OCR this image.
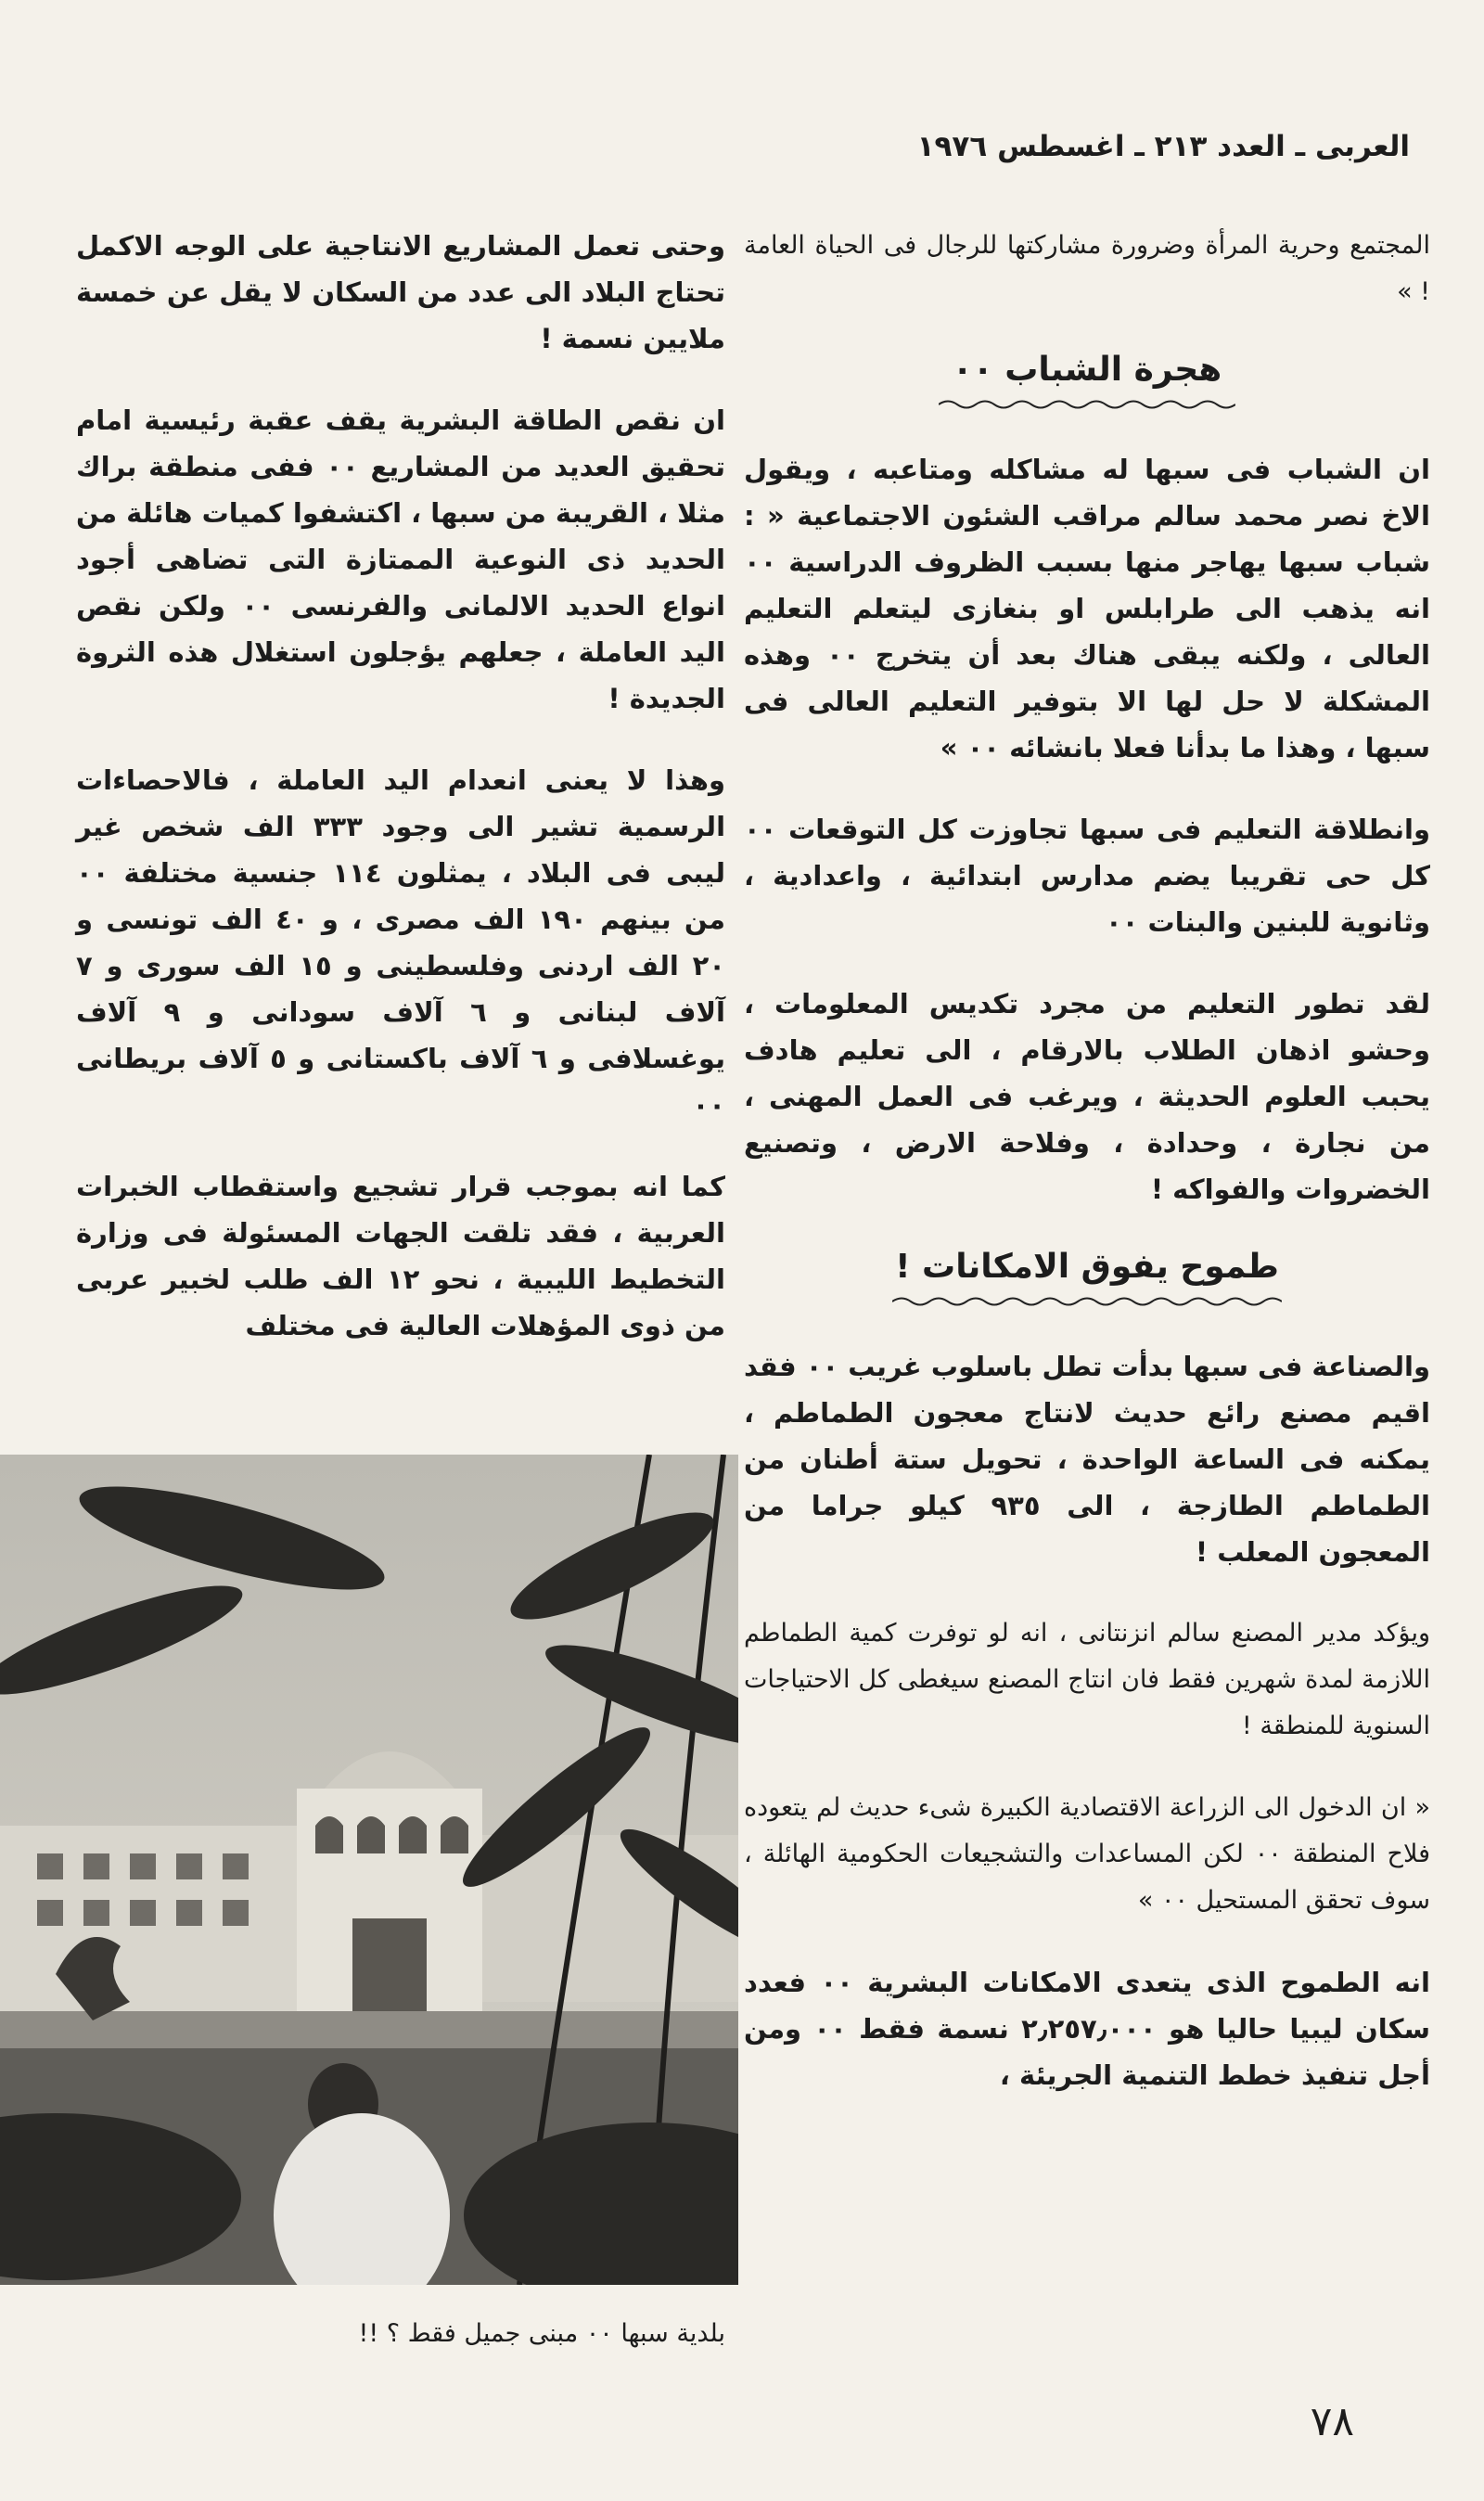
العربى ـ العدد ٢١٣ ـ اغسطس ١٩٧٦

المجتمع وحرية المرأة وضرورة مشاركتها للرجال فى الحياة العامة ! »

هجرة الشباب ٠٠

ان الشباب فى سبها له مشاكله ومتاعبه ، ويقول الاخ نصر محمد سالم مراقب الشئون الاجتماعية « : شباب سبها يهاجر منها بسبب الظروف الدراسية ٠٠ انه يذهب الى طرابلس او بنغازى ليتعلم التعليم العالى ، ولكنه يبقى هناك بعد أن يتخرج ٠٠ وهذه المشكلة لا حل لها الا بتوفير التعليم العالى فى سبها ، وهذا ما بدأنا فعلا بانشائه ٠٠ »

وانطلاقة التعليم فى سبها تجاوزت كل التوقعات ٠٠ كل حى تقريبا يضم مدارس ابتدائية ، واعدادية ، وثانوية للبنين والبنات ٠٠

لقد تطور التعليم من مجرد تكديس المعلومات ، وحشو اذهان الطلاب بالارقام ، الى تعليم هادف يحبب العلوم الحديثة ، ويرغب فى العمل المهنى ، من نجارة ، وحدادة ، وفلاحة الارض ، وتصنيع الخضروات والفواكه !

طموح يفوق الامكانات !

والصناعة فى سبها بدأت تطل باسلوب غريب ٠٠ فقد اقيم مصنع رائع حديث لانتاج معجون الطماطم ، يمكنه فى الساعة الواحدة ، تحويل ستة أطنان من الطماطم الطازجة ، الى ٩٣٥ كيلو جراما من المعجون المعلب !

ويؤكد مدير المصنع سالم انزنتانى ، انه لو توفرت كمية الطماطم اللازمة لمدة شهرين فقط فان انتاج المصنع سيغطى كل الاحتياجات السنوية للمنطقة !

« ان الدخول الى الزراعة الاقتصادية الكبيرة شىء حديث لم يتعوده فلاح المنطقة ٠٠ لكن المساعدات والتشجيعات الحكومية الهائلة ، سوف تحقق المستحيل ٠٠ »

انه الطموح الذى يتعدى الامكانات البشرية ٠٠ فعدد سكان ليبيا حاليا هو ٢٫٢٥٧٫٠٠٠ نسمة فقط ٠٠ ومن أجل تنفيذ خطط التنمية الجريئة ،

وحتى تعمل المشاريع الانتاجية على الوجه الاكمل تحتاج البلاد الى عدد من السكان لا يقل عن خمسة ملايين نسمة !

ان نقص الطاقة البشرية يقف عقبة رئيسية امام تحقيق العديد من المشاريع ٠٠ ففى منطقة براك مثلا ، القريبة من سبها ، اكتشفوا كميات هائلة من الحديد ذى النوعية الممتازة التى تضاهى أجود انواع الحديد الالمانى والفرنسى ٠٠ ولكن نقص اليد العاملة ، جعلهم يؤجلون استغلال هذه الثروة الجديدة !

وهذا لا يعنى انعدام اليد العاملة ، فالاحصاءات الرسمية تشير الى وجود ٣٣٣ الف شخص غير ليبى فى البلاد ، يمثلون ١١٤ جنسية مختلفة ٠٠ من بينهم ١٩٠ الف مصرى ، و ٤٠ الف تونسى و ٢٠ الف اردنى وفلسطينى و ١٥ الف سورى و ٧ آلاف لبنانى و ٦ آلاف سودانى و ٩ آلاف يوغسلافى و ٦ آلاف باكستانى و ٥ آلاف بريطانى ٠٠

كما انه بموجب قرار تشجيع واستقطاب الخبرات العربية ، فقد تلقت الجهات المسئولة فى وزارة التخطيط الليبية ، نحو ١٢ الف طلب لخبير عربى من ذوى المؤهلات العالية فى مختلف

بلدية سبها ٠٠ مبنى جميل فقط ؟ !!
٧٨
